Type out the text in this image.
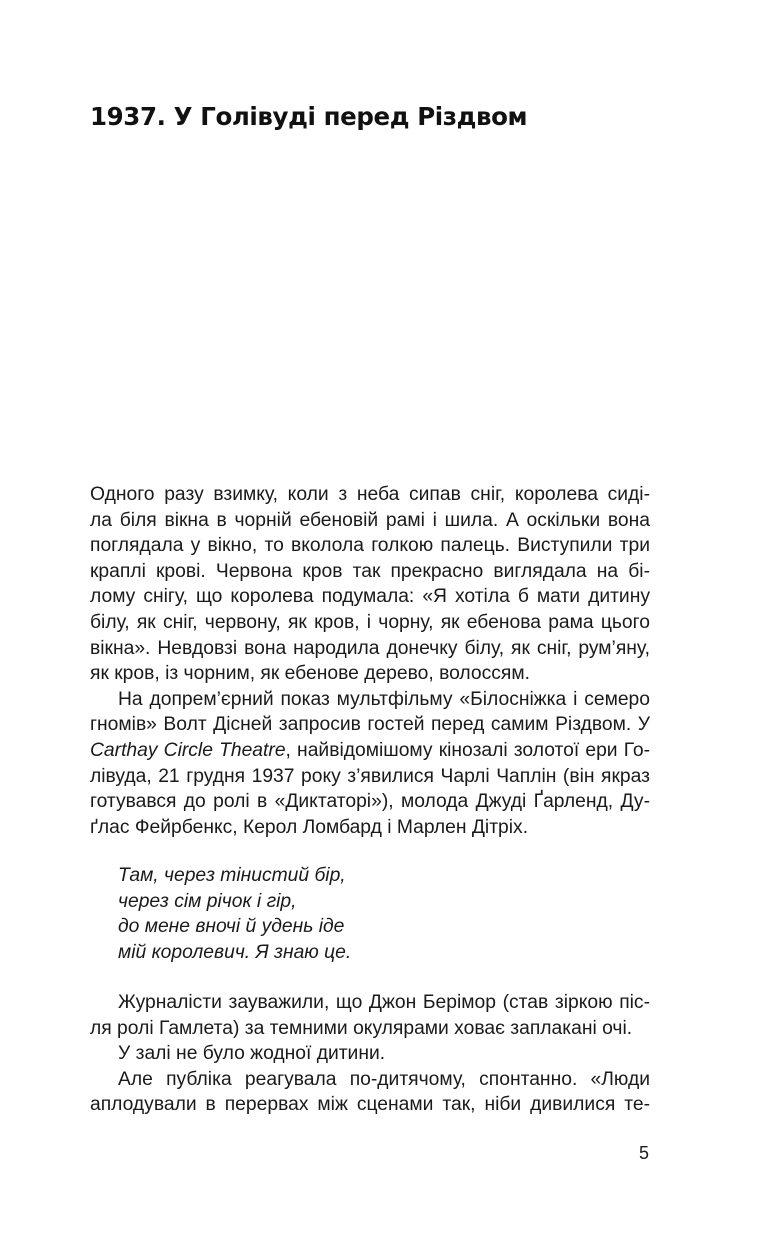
1937. У Голівуді перед Різдвом
Одного разу взимку, коли з неба сипав сніг, королева сиді-
ла біля вікна в чорній ебеновій рамі і шила. А оскільки вона
поглядала у вікно, то вколола голкою палець. Виступили три
краплі крові. Червона кров так прекрасно виглядала на бі-
лому снігу, що королева подумала: «Я хотіла б мати дитину
білу, як сніг, червону, як кров, і чорну, як ебенова рама цього
вікна». Невдовзі вона народила донечку білу, як сніг, рум’яну,
як кров, із чорним, як ебенове дерево, волоссям.
На допрем’єрний показ мультфільму «Білосніжка і семеро
гномів» Волт Дісней запросив гостей перед самим Різдвом. У
Carthay Circle Theatre, найвідомішому кінозалі золотої ери Го-
лівуда, 21 грудня 1937 року з’явилися Чарлі Чаплін (він якраз
готувався до ролі в «Диктаторі»), молода Джуді Ґарленд, Ду-
ґлас Фейрбенкс, Керол Ломбард і Марлен Дітріх.
Там, через тінистий бір,
через сім річок і гір,
до мене вночі й удень іде
мій королевич. Я знаю це.
Журналісти зауважили, що Джон Берімор (став зіркою піс-
ля ролі Гамлета) за темними окулярами ховає заплакані очі.
У залі не було жодної дитини.
Але публіка реагувала по-дитячому, спонтанно. «Люди
аплодували в перервах між сценами так, ніби дивилися те-
5
